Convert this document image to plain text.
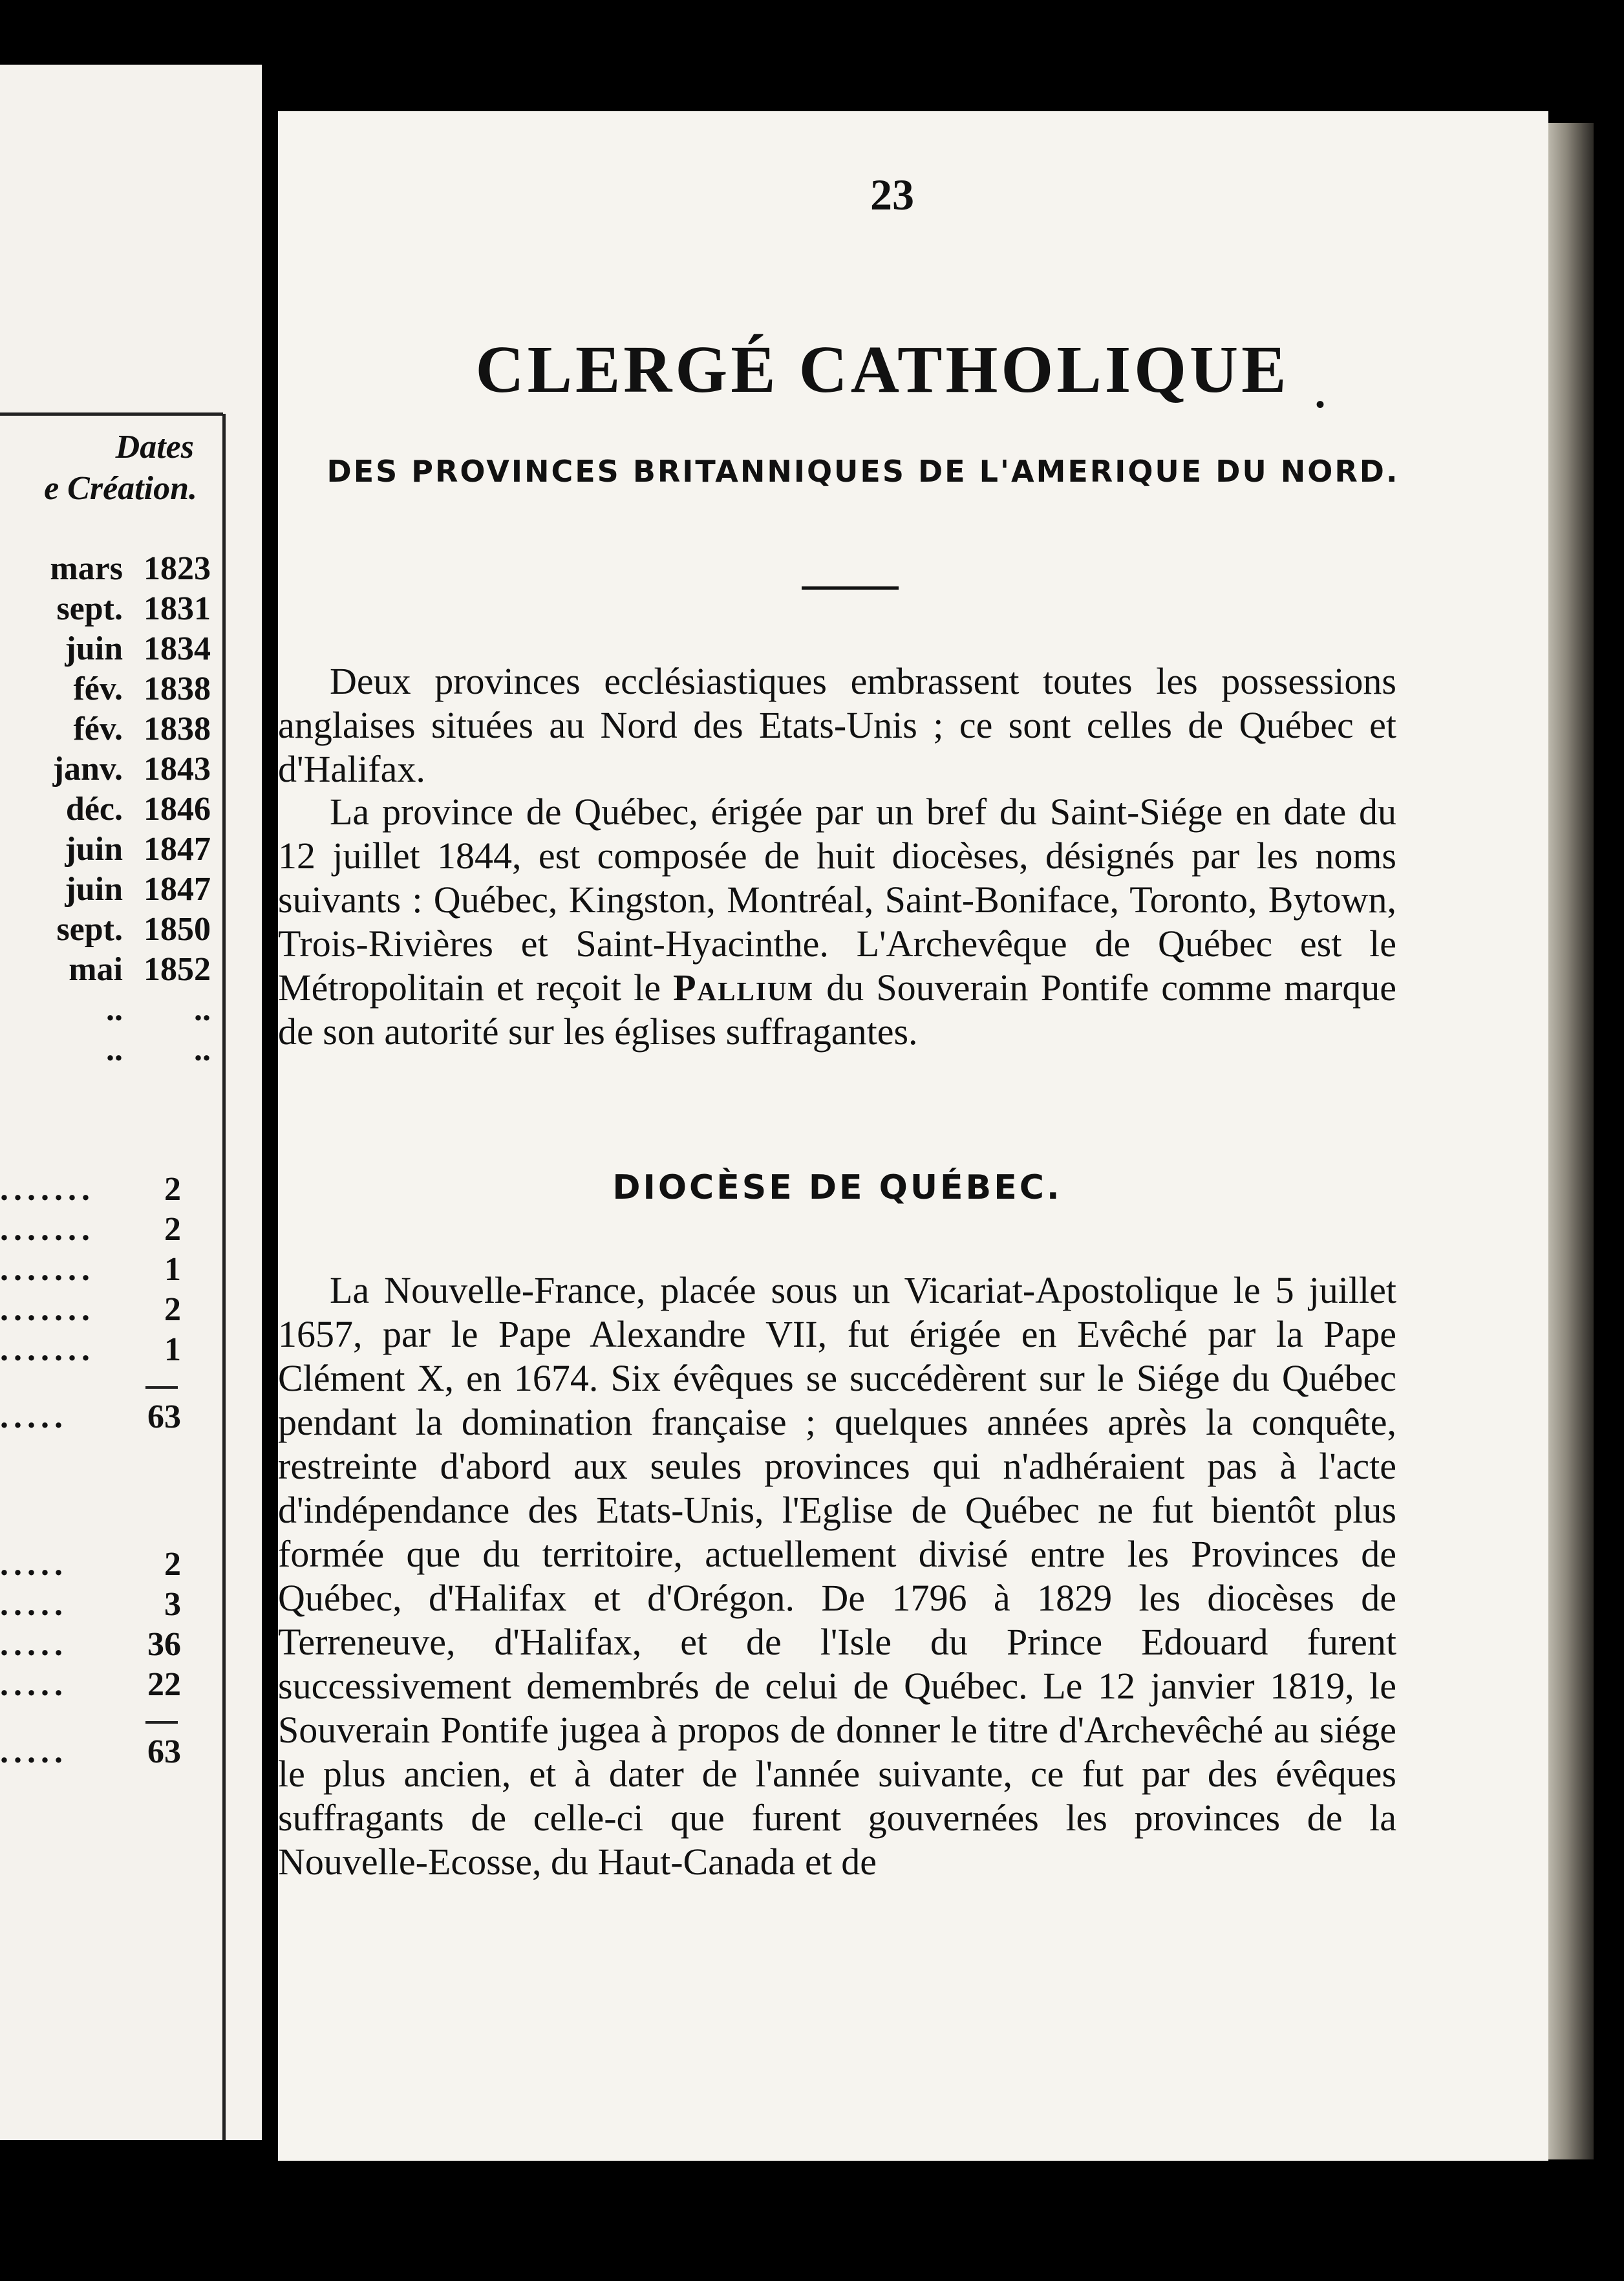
Dates
e Création.
mars 1823
sept. 1831
juin 1834
fév. 1838
fév. 1838
janv. 1843
déc. 1846
juin 1847
juin 1847
sept. 1850
mai 1852
.. ..
.. ..
....... 2
....... 2
....... 1
....... 2
....... 1
..... 63
.....	2
.....	3
..... 36
..... 22
..... 63
23
CLERGÉ CATHOLIQUE	•
DES PROVINCES BRITANNIQUES DE L'AMERIQUE DU NORD.

Deux provinces ecclésiastiques embrassent toutes les possessions anglaises situées au Nord des Etats-Unis ; ce sont celles de Québec et d'Halifax.

La province de Québec, érigée par un bref du Saint-Siége en date du 12 juillet 1844, est composée de huit diocèses, désignés par les noms suivants : Québec, Kingston, Montréal, Saint-Boniface, Toronto, Bytown, Trois-Rivières et Saint-Hyacinthe. L'Archevêque de Québec est le Métropolitain et reçoit le Pallium du Souverain Pontife comme marque de son autorité sur les églises suffragantes.

DIOCÈSE DE QUÉBEC.

La Nouvelle-France, placée sous un Vicariat-Apostolique le 5 juillet 1657, par le Pape Alexandre VII, fut érigée en Evêché par la Pape Clément X, en 1674. Six évêques se succédèrent sur le Siége du Québec pendant la domination française ; quelques années après la conquête, restreinte d'abord aux seules provinces qui n'adhéraient pas à l'acte d'indépendance des Etats-Unis, l'Eglise de Québec ne fut bientôt plus formée que du territoire, actuellement divisé entre les Provinces de Québec, d'Halifax et d'Orégon. De 1796 à 1829 les diocèses de Terreneuve, d'Halifax, et de l'Isle du Prince Edouard furent successivement demembrés de celui de Québec. Le 12 janvier 1819, le Souverain Pontife jugea à propos de donner le titre d'Archevêché au siége le plus ancien, et à dater de l'année suivante, ce fut par des évêques suffragants de celle-ci que furent gouvernées les provinces de la Nouvelle-Ecosse, du Haut-Canada et de
